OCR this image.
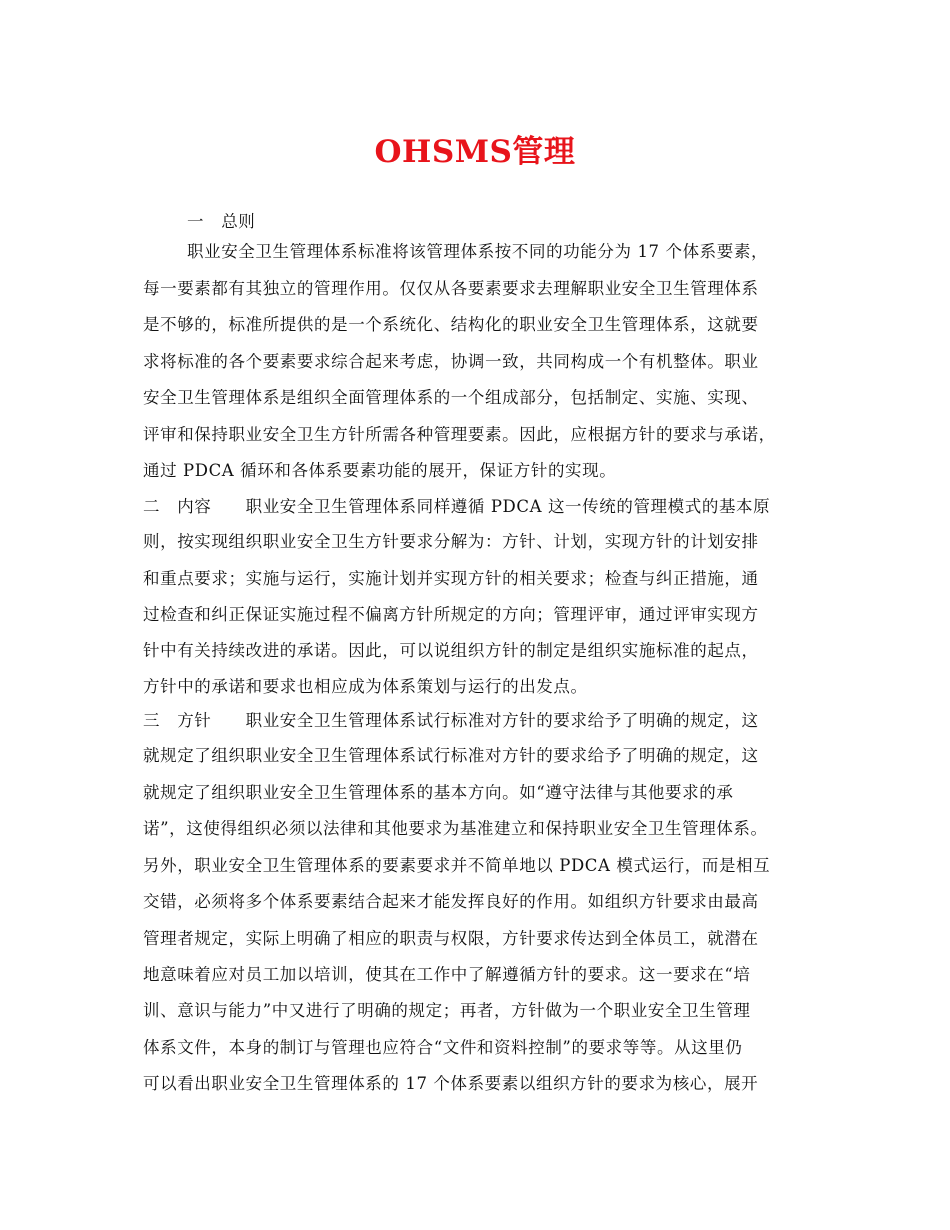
OHSMS管理
一　总则
职业安全卫生管理体系标准将该管理体系按不同的功能分为 17 个体系要素，
每一要素都有其独立的管理作用。仅仅从各要素要求去理解职业安全卫生管理体系
是不够的，标准所提供的是一个系统化、结构化的职业安全卫生管理体系，这就要
求将标准的各个要素要求综合起来考虑，协调一致，共同构成一个有机整体。职业
安全卫生管理体系是组织全面管理体系的一个组成部分，包括制定、实施、实现、
评审和保持职业安全卫生方针所需各种管理要素。因此，应根据方针的要求与承诺，
通过 PDCA 循环和各体系要素功能的展开，保证方针的实现。
二　内容　　职业安全卫生管理体系同样遵循 PDCA 这一传统的管理模式的基本原
则，按实现组织职业安全卫生方针要求分解为：方针、计划，实现方针的计划安排
和重点要求；实施与运行，实施计划并实现方针的相关要求；检查与纠正措施，通
过检查和纠正保证实施过程不偏离方针所规定的方向；管理评审，通过评审实现方
针中有关持续改进的承诺。因此，可以说组织方针的制定是组织实施标准的起点，
方针中的承诺和要求也相应成为体系策划与运行的出发点。
三　方针　　职业安全卫生管理体系试行标准对方针的要求给予了明确的规定，这
就规定了组织职业安全卫生管理体系试行标准对方针的要求给予了明确的规定，这
就规定了组织职业安全卫生管理体系的基本方向。如“遵守法律与其他要求的承
诺”，这使得组织必须以法律和其他要求为基准建立和保持职业安全卫生管理体系。
另外，职业安全卫生管理体系的要素要求并不简单地以 PDCA 模式运行，而是相互
交错，必须将多个体系要素结合起来才能发挥良好的作用。如组织方针要求由最高
管理者规定，实际上明确了相应的职责与权限，方针要求传达到全体员工，就潜在
地意味着应对员工加以培训，使其在工作中了解遵循方针的要求。这一要求在“培
训、意识与能力”中又进行了明确的规定；再者，方针做为一个职业安全卫生管理
体系文件，本身的制订与管理也应符合“文件和资料控制”的要求等等。从这里仍
可以看出职业安全卫生管理体系的 17 个体系要素以组织方针的要求为核心，展开
